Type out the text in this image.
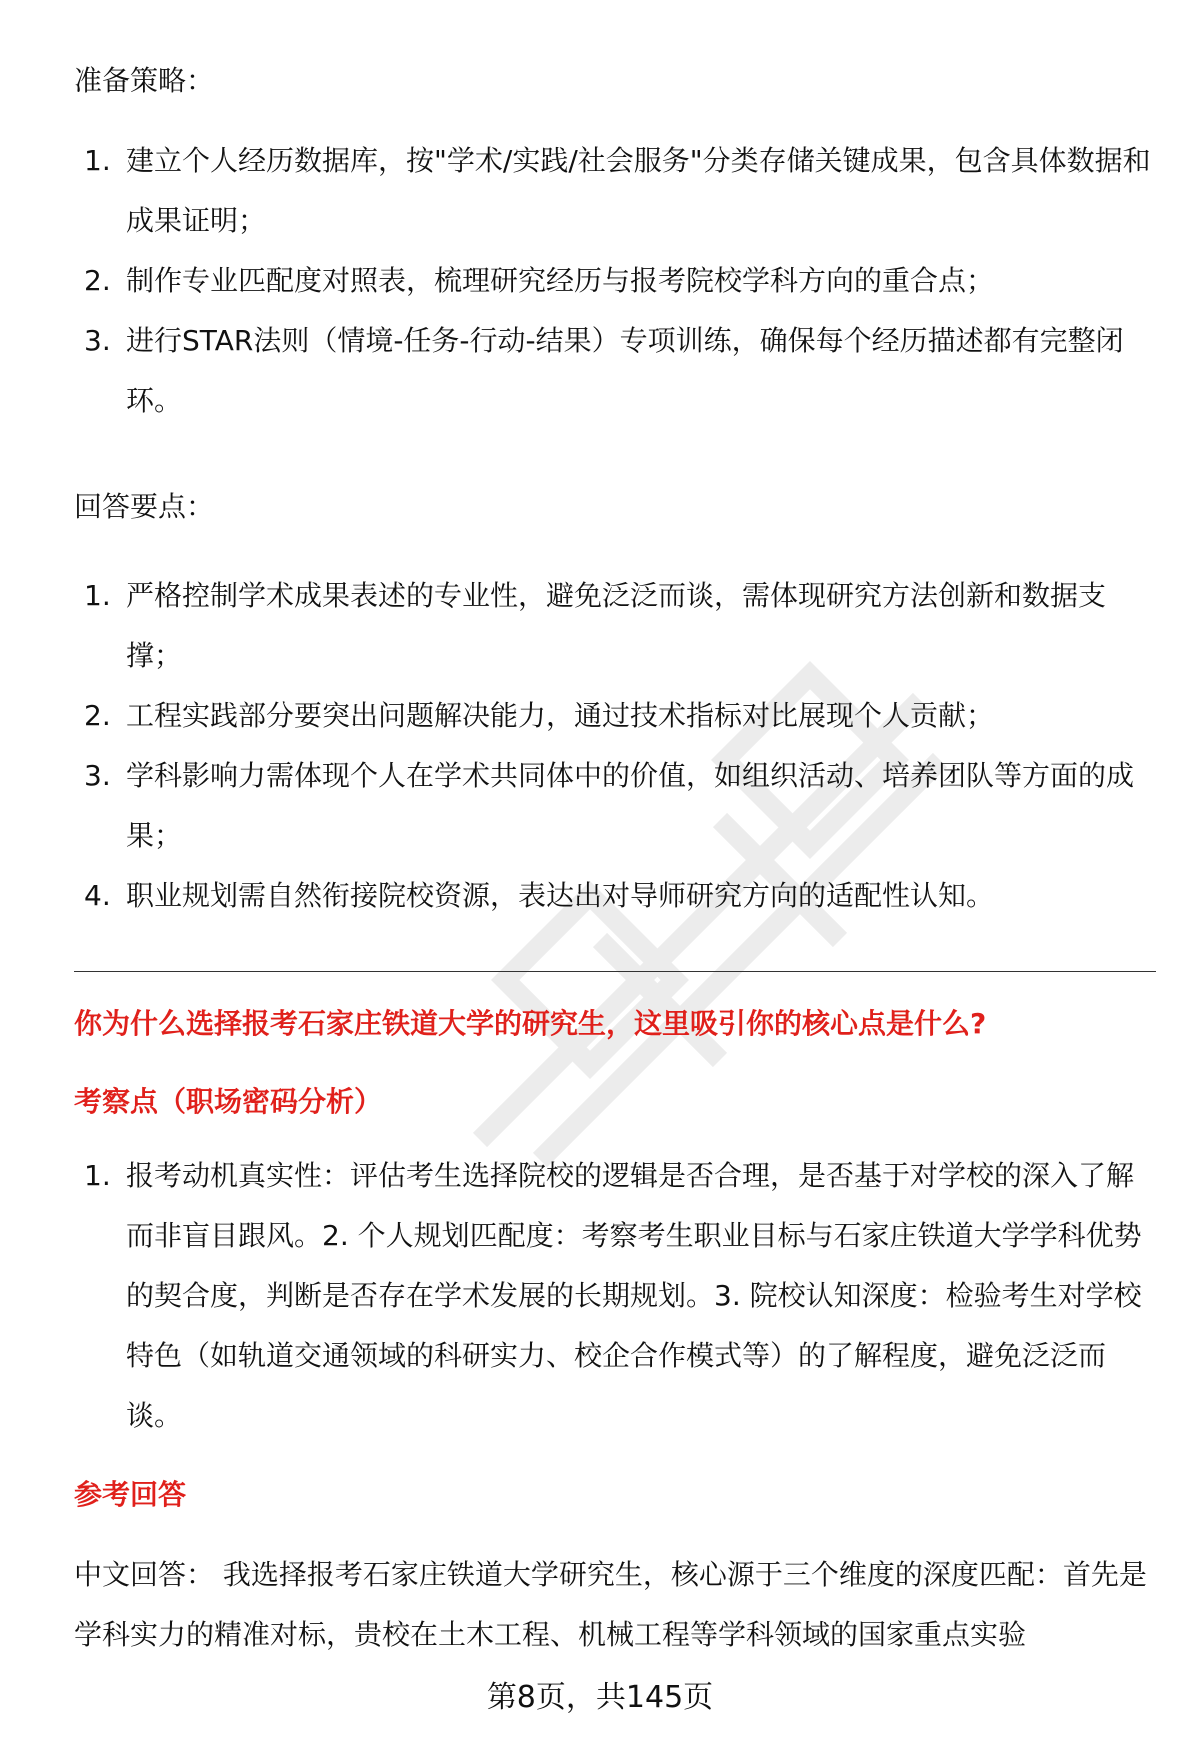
准备策略：
1. 建立个人经历数据库，按"学术/实践/社会服务"分类存储关键成果，包含具体数据和成果证明；
2. 制作专业匹配度对照表，梳理研究经历与报考院校学科方向的重合点；
3. 进行STAR法则（情境-任务-行动-结果）专项训练，确保每个经历描述都有完整闭环。
回答要点：
1. 严格控制学术成果表述的专业性，避免泛泛而谈，需体现研究方法创新和数据支撑；
2. 工程实践部分要突出问题解决能力，通过技术指标对比展现个人贡献；
3. 学科影响力需体现个人在学术共同体中的价值，如组织活动、培养团队等方面的成果；
4. 职业规划需自然衔接院校资源，表达出对导师研究方向的适配性认知。
你为什么选择报考石家庄铁道大学的研究生，这里吸引你的核心点是什么?
考察点（职场密码分析）
1. 报考动机真实性：评估考生选择院校的逻辑是否合理，是否基于对学校的深入了解而非盲目跟风。2. 个人规划匹配度：考察考生职业目标与石家庄铁道大学学科优势的契合度，判断是否存在学术发展的长期规划。3. 院校认知深度：检验考生对学校特色（如轨道交通领域的科研实力、校企合作模式等）的了解程度，避免泛泛而谈。
参考回答

中文回答： 我选择报考石家庄铁道大学研究生，核心源于三个维度的深度匹配：首先是学科实力的精准对标，贵校在土木工程、机械工程等学科领域的国家重点实验

第8页，共145页
